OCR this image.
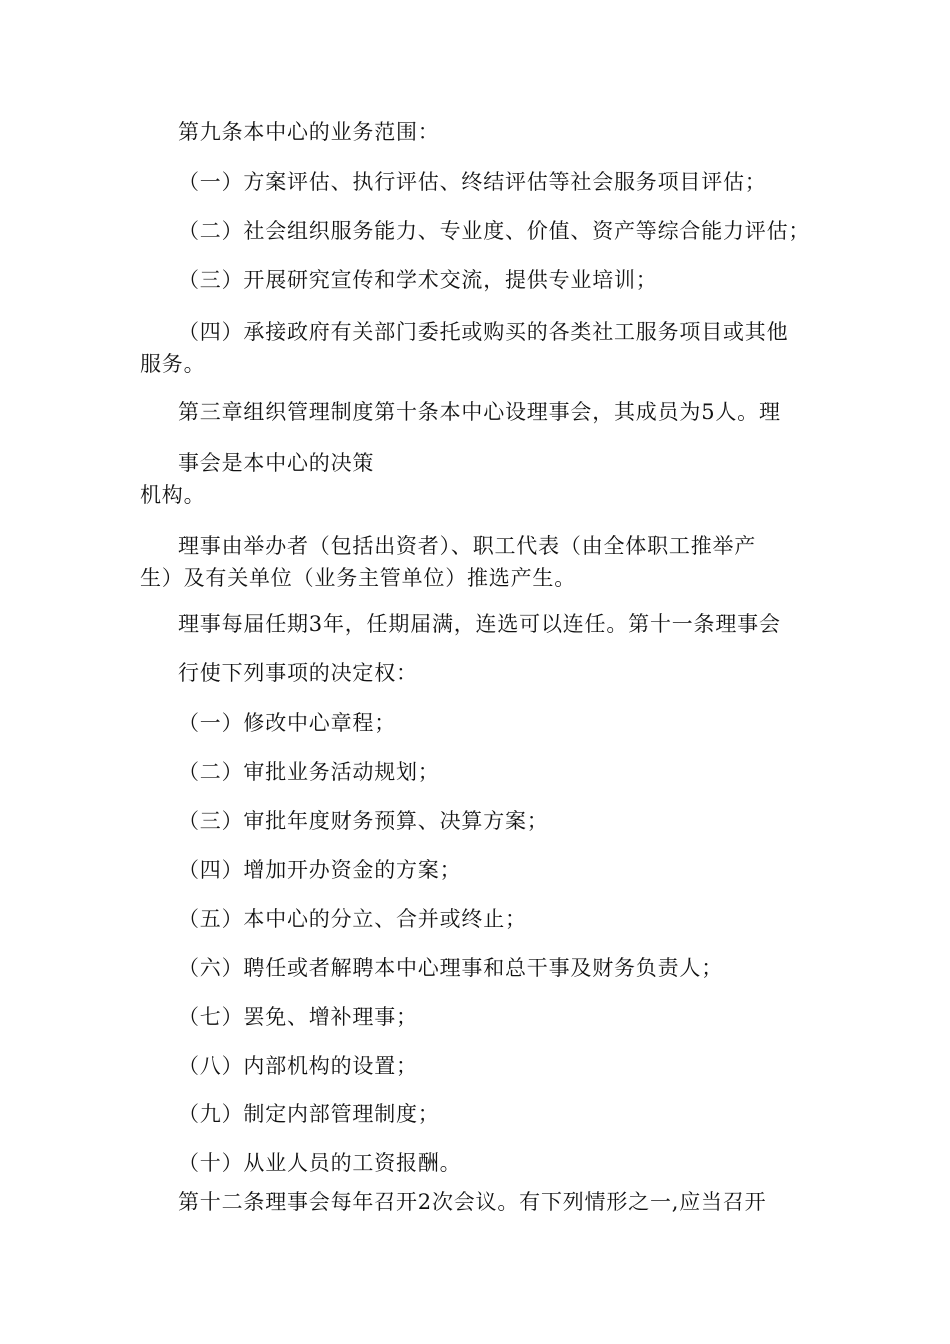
第九条本中心的业务范围：

（一）方案评估、执行评估、终结评估等社会服务项目评估；

（二）社会组织服务能力、专业度、价值、资产等综合能力评估；

（三）开展研究宣传和学术交流，提供专业培训；

（四）承接政府有关部门委托或购买的各类社工服务项目或其他

服务。

第三章组织管理制度第十条本中心设理事会，其成员为5人。理

事会是本中心的决策

机构。

理事由举办者（包括出资者）、职工代表（由全体职工推举产

生）及有关单位（业务主管单位）推选产生。

理事每届任期3年，任期届满，连选可以连任。第十一条理事会

行使下列事项的决定权：

（一）修改中心章程；

（二）审批业务活动规划；

（三）审批年度财务预算、决算方案；

（四）增加开办资金的方案；

（五）本中心的分立、合并或终止；

（六）聘任或者解聘本中心理事和总干事及财务负责人；

（七）罢免、增补理事；

（八）内部机构的设置；

（九）制定内部管理制度；

（十）从业人员的工资报酬。

第十二条理事会每年召开2次会议。有下列情形之一,应当召开
